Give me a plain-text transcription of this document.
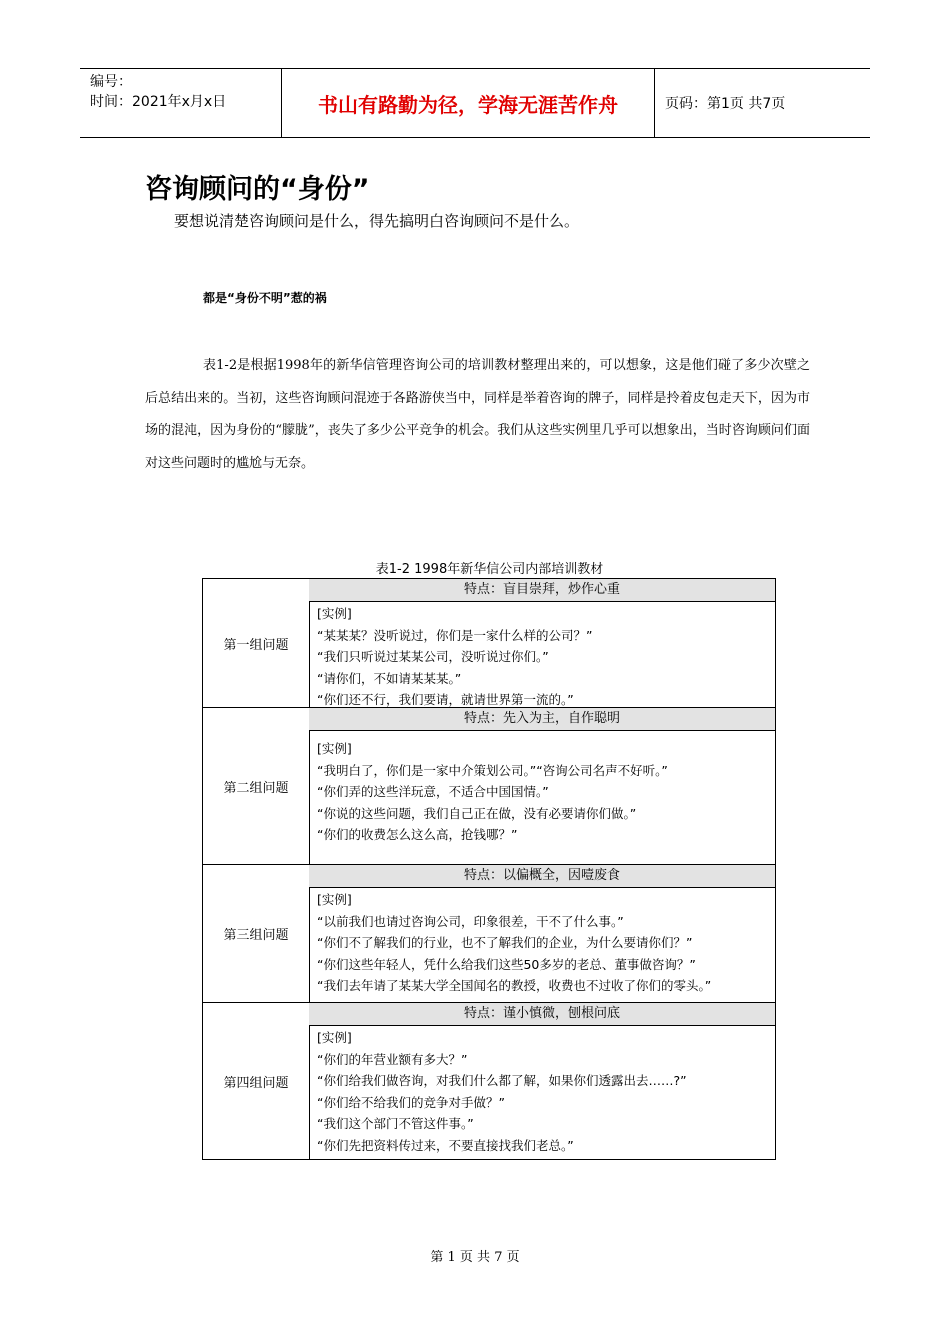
编号：
时间：2021年x月x日	书山有路勤为径，学海无涯苦作舟	页码：第1页 共7页
咨询顾问的“身份”

要想说清楚咨询顾问是什么，得先搞明白咨询顾问不是什么。

都是“身份不明”惹的祸

表1-2是根据1998年的新华信管理咨询公司的培训教材整理出来的，可以想象，这是他们碰了多少次壁之后总结出来的。当初，这些咨询顾问混迹于各路游侠当中，同样是举着咨询的牌子，同样是拎着皮包走天下，因为市场的混沌，因为身份的“朦胧”，丧失了多少公平竞争的机会。我们从这些实例里几乎可以想象出，当时咨询顾问们面对这些问题时的尴尬与无奈。

表1-2 1998年新华信公司内部培训教材
第一组问题
特点：盲目崇拜，炒作心重
[实例]
“某某某？没听说过，你们是一家什么样的公司？”
“我们只听说过某某公司，没听说过你们。”
“请你们，不如请某某某。”
“你们还不行，我们要请，就请世界第一流的。”
第二组问题
特点：先入为主，自作聪明
[实例]
“我明白了，你们是一家中介策划公司。”“咨询公司名声不好听。”
“你们弄的这些洋玩意，不适合中国国情。”
“你说的这些问题，我们自己正在做，没有必要请你们做。”
“你们的收费怎么这么高，抢钱哪？”
第三组问题
特点：以偏概全，因噎废食
[实例]
“以前我们也请过咨询公司，印象很差，干不了什么事。”
“你们不了解我们的行业，也不了解我们的企业，为什么要请你们？”
“你们这些年轻人，凭什么给我们这些50多岁的老总、董事做咨询？”
“我们去年请了某某大学全国闻名的教授，收费也不过收了你们的零头。”
第四组问题
特点：谨小慎微，刨根问底
[实例]
“你们的年营业额有多大？”
“你们给我们做咨询，对我们什么都了解，如果你们透露出去……?”
“你们给不给我们的竞争对手做？”
“我们这个部门不管这件事。”
“你们先把资料传过来，不要直接找我们老总。”
第 1 页 共 7 页
